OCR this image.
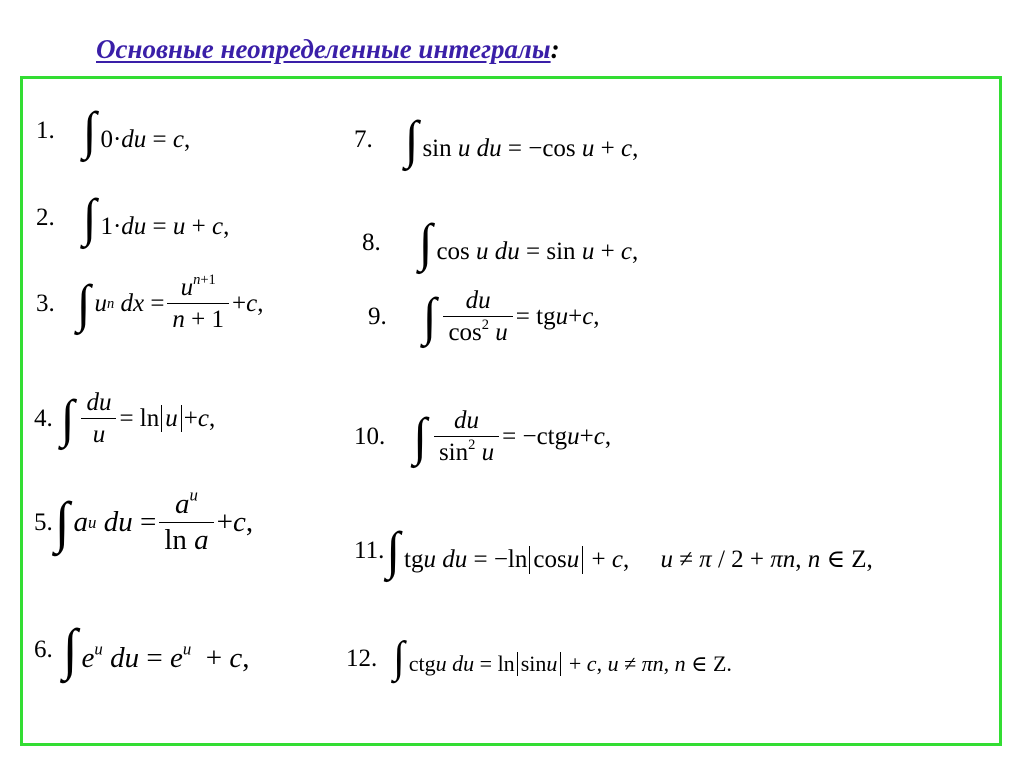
Основные неопределенные интегралы:
1. ∫ 0·du = c,
2. ∫ 1·du = u + c,
3. ∫ u n
dx = $\frac{u^{n+1}}{n + 1} + c$ ,
4. ∫ $\frac{du}{u} = \ln u + c$ ,
5. ∫ a u
du = $\frac{a^u}{\text{ln a}} + c$ ,
6. ∫ $e^u$ du = $e^u + c$,
7. ∫ sin u du = −cos u + c,
8. ∫ cos u du = sin u + c,
9. ∫ $\frac{du}{\cos^2 u}$ = tg u + c ,
10. ∫ $\frac{du}{\sin^2 u} = -ctg$ u + c ,
11. ∫ tgu du = −ln cosu + c,     u ≠ π / 2 + πn, n ∈ Z,
12. ∫ ctgu du = ln sinu + c, u ≠ πn, n ∈ Z.
